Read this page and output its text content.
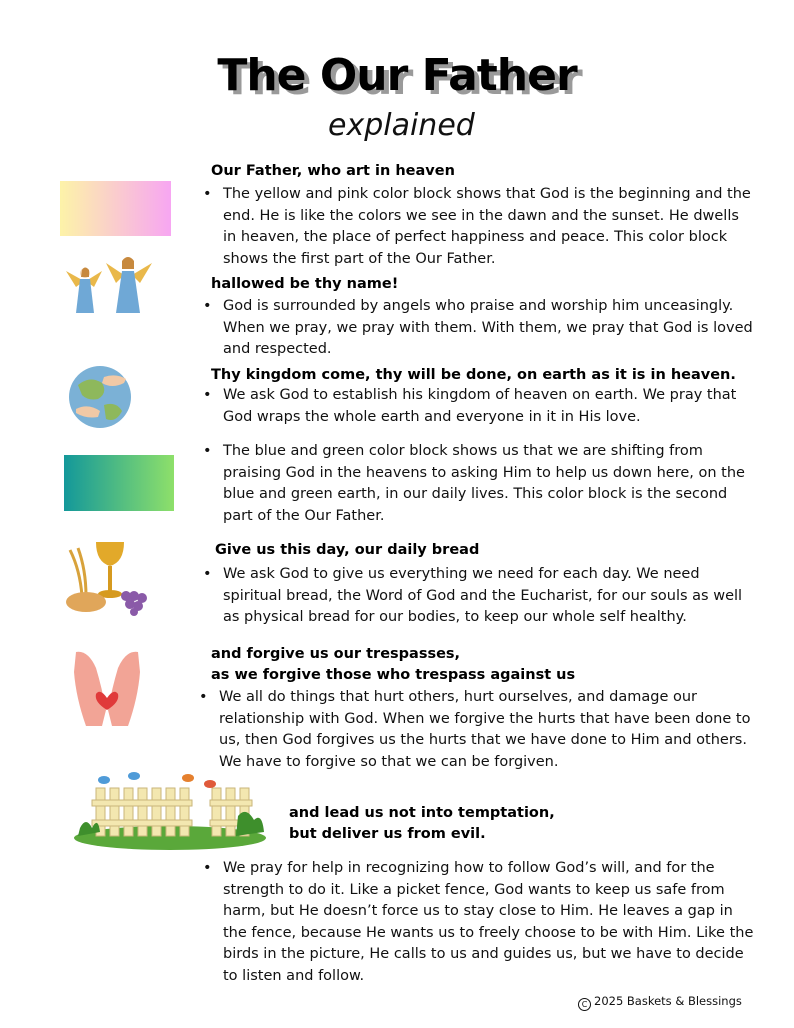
The Our Father
explained
Our Father, who art in heaven
• The yellow and pink color block shows that God is the beginning and the end. He is like the colors we see in the dawn and the sunset. He dwells in heaven, the place of perfect happiness and peace. This color block shows the first part of the Our Father.
hallowed be thy name!
• God is surrounded by angels who praise and worship him unceasingly. When we pray, we pray with them. With them, we pray that God is loved and respected.
Thy kingdom come, thy will be done, on earth as it is in heaven.
• We ask God to establish his kingdom of heaven on earth. We pray that God wraps the whole earth and everyone in it in His love.
• The blue and green color block shows us that we are shifting from praising God in the heavens to asking Him to help us down here, on the blue and green earth, in our daily lives. This color block is the second part of the Our Father.
Give us this day, our daily bread
• We ask God to give us everything we need for each day. We need spiritual bread, the Word of God and the Eucharist, for our souls as well as physical bread for our bodies, to keep our whole self healthy.
and forgive us our trespasses,
as we forgive those who trespass against us
• We all do things that hurt others, hurt ourselves, and damage our relationship with God. When we forgive the hurts that have been done to us, then God forgives us the hurts that we have done to Him and others. We have to forgive so that we can be forgiven.
and lead us not into temptation,
but deliver us from evil.
• We pray for help in recognizing how to follow God’s will, and for the strength to do it. Like a picket fence, God wants to keep us safe from harm, but He doesn’t force us to stay close to Him. He leaves a gap in the fence, because He wants us to freely choose to be with Him. Like the birds in the picture, He calls to us and guides us, but we have to decide to listen and follow.
C 2025 Baskets & Blessings
